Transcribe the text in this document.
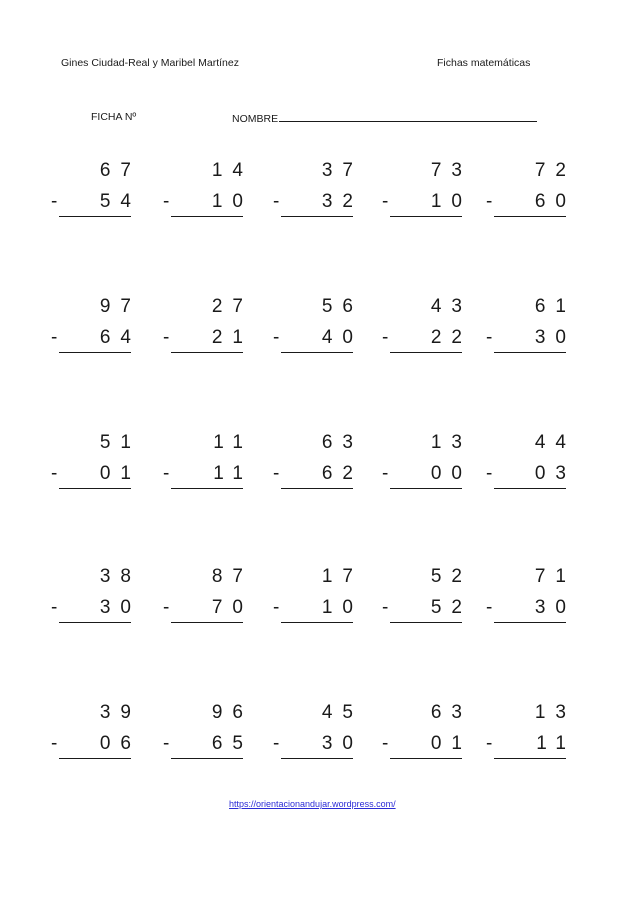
Gines Ciudad-Real y Maribel Martínez	Fichas matemáticas
FICHA Nº	NOMBRE
67
- 54
14
- 10
37
- 32
73
- 10
72
- 60
97
- 64
27
- 21
56
- 40
43
- 22
61
- 30
51
- 01
11
- 11
63
- 62
13
- 00
44
- 03
38
- 30
87
- 70
17
- 10
52
- 52
71
- 30
39
- 06
96
- 65
45
- 30
63
- 01
13
- 11
https://orientacionandujar.wordpress.com/
